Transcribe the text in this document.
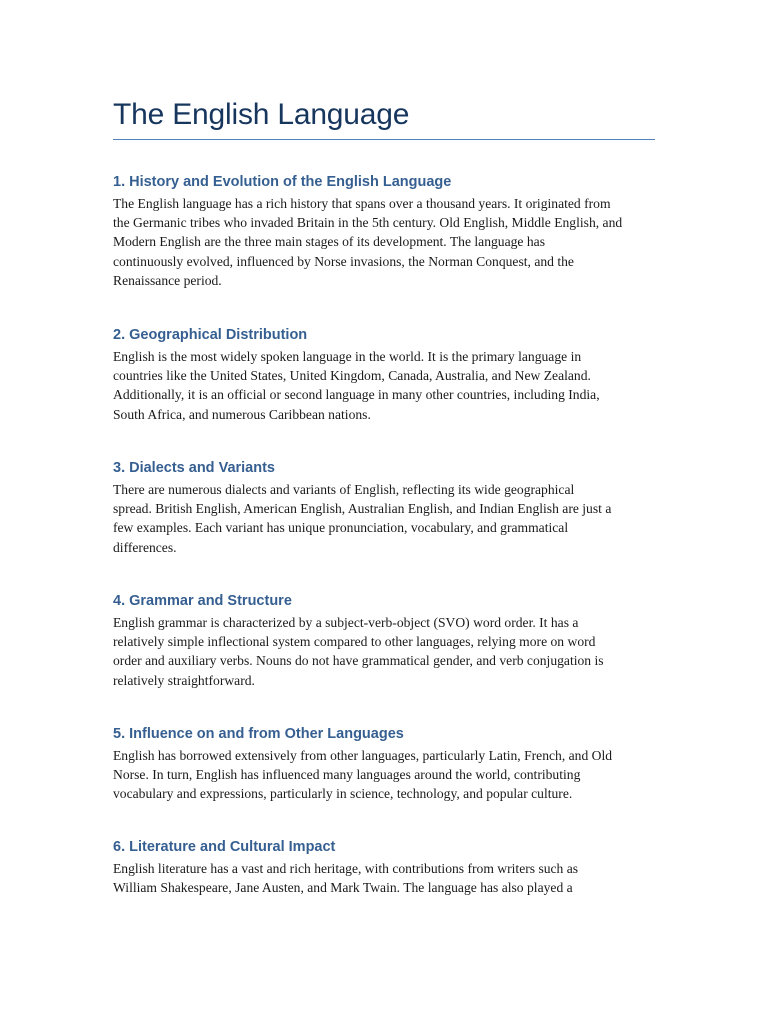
The English Language
1. History and Evolution of the English Language

The English language has a rich history that spans over a thousand years. It originated from
the Germanic tribes who invaded Britain in the 5th century. Old English, Middle English, and
Modern English are the three main stages of its development. The language has
continuously evolved, influenced by Norse invasions, the Norman Conquest, and the
Renaissance period.

2. Geographical Distribution

English is the most widely spoken language in the world. It is the primary language in
countries like the United States, United Kingdom, Canada, Australia, and New Zealand.
Additionally, it is an official or second language in many other countries, including India,
South Africa, and numerous Caribbean nations.

3. Dialects and Variants

There are numerous dialects and variants of English, reflecting its wide geographical
spread. British English, American English, Australian English, and Indian English are just a
few examples. Each variant has unique pronunciation, vocabulary, and grammatical
differences.

4. Grammar and Structure

English grammar is characterized by a subject-verb-object (SVO) word order. It has a
relatively simple inflectional system compared to other languages, relying more on word
order and auxiliary verbs. Nouns do not have grammatical gender, and verb conjugation is
relatively straightforward.

5. Influence on and from Other Languages

English has borrowed extensively from other languages, particularly Latin, French, and Old
Norse. In turn, English has influenced many languages around the world, contributing
vocabulary and expressions, particularly in science, technology, and popular culture.

6. Literature and Cultural Impact

English literature has a vast and rich heritage, with contributions from writers such as
William Shakespeare, Jane Austen, and Mark Twain. The language has also played a
